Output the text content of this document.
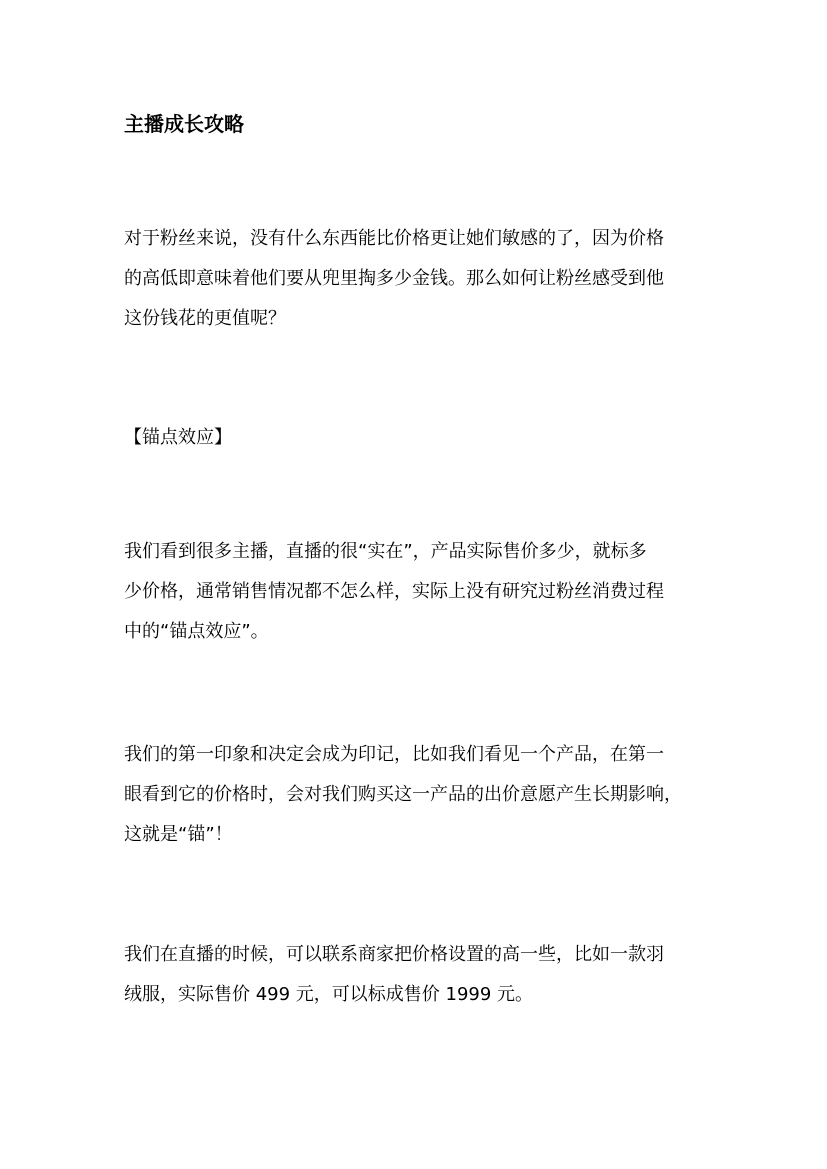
主播成长攻略

对于粉丝来说，没有什么东西能比价格更让她们敏感的了，因为价格
的高低即意味着他们要从兜里掏多少金钱。那么如何让粉丝感受到他
这份钱花的更值呢？

【锚点效应】

我们看到很多主播，直播的很“实在”，产品实际售价多少，就标多
少价格，通常销售情况都不怎么样，实际上没有研究过粉丝消费过程
中的“锚点效应”。

我们的第一印象和决定会成为印记，比如我们看见一个产品，在第一
眼看到它的价格时，会对我们购买这一产品的出价意愿产生长期影响，
这就是“锚”！

我们在直播的时候，可以联系商家把价格设置的高一些，比如一款羽
绒服，实际售价 499 元，可以标成售价 1999 元。
